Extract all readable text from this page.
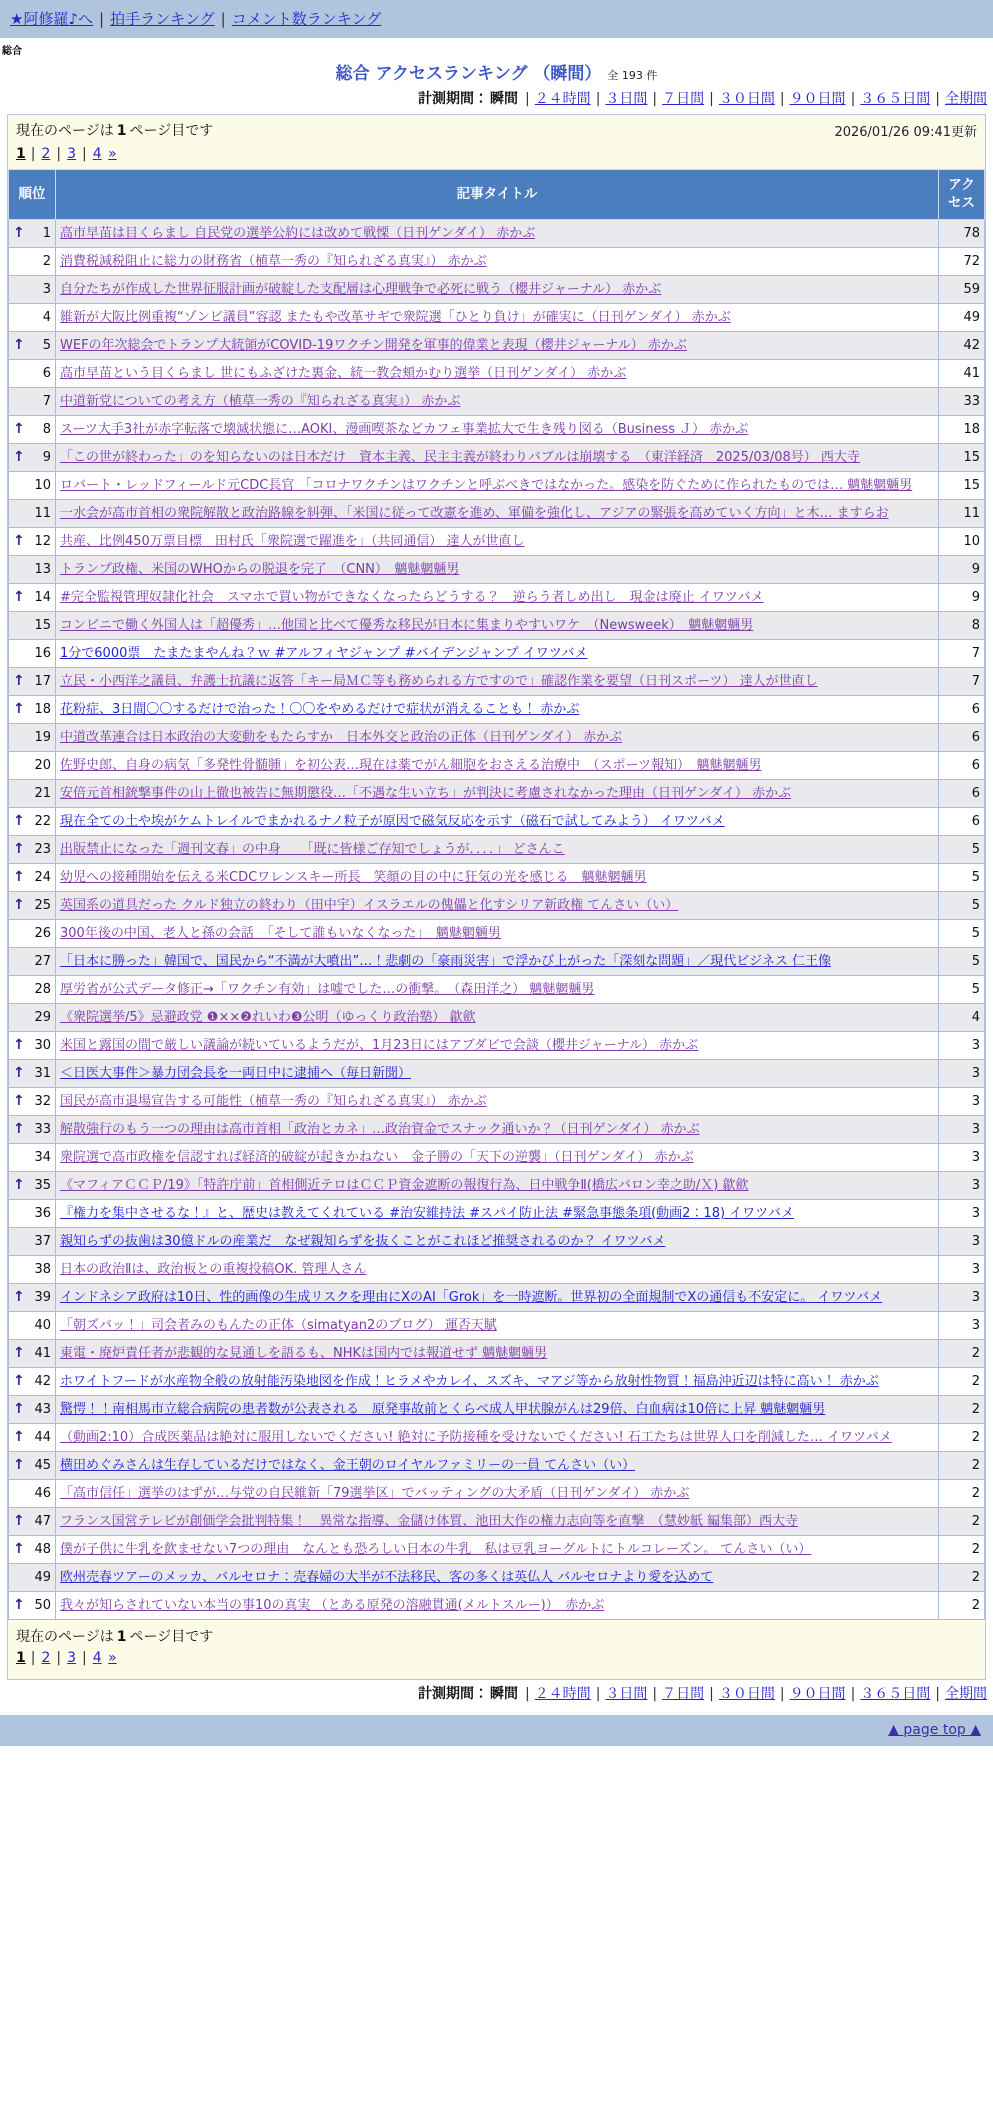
★阿修羅♪へ | 拍手ランキング | コメント数ランキング
総合
総合 アクセスランキング （瞬間） 全 193 件
計測期間： 瞬間 | ２４時間 | ３日間 | ７日間 | ３０日間 | ９０日間 | ３６５日間 | 全期間
現在のページは 1 ページ目です	2026/01/26 09:41更新
1 | 2 | 3 | 4 »
順位	記事タイトル	アクセス
↑ 1	高市早苗は目くらまし 自民党の選挙公約には改めて戦慄（日刊ゲンダイ） 赤かぶ	78
2	消費税減税阻止に総力の財務省（植草一秀の『知られざる真実』） 赤かぶ	72
3	自分たちが作成した世界征服計画が破綻した支配層は心理戦争で必死に戦う（櫻井ジャーナル） 赤かぶ	59
4	維新が大阪比例重複“ゾンビ議員”容認 またもや改革サギで衆院選「ひとり負け」が確実に（日刊ゲンダイ） 赤かぶ	49
↑ 5	WEFの年次総会でトランプ大統領がCOVID-19ワクチン開発を軍事的偉業と表現（櫻井ジャーナル） 赤かぶ	42
6	高市早苗という目くらまし 世にもふざけた裏金、統一教会頬かむり選挙（日刊ゲンダイ） 赤かぶ	41
7	中道新党についての考え方（植草一秀の『知られざる真実』） 赤かぶ	33
↑ 8	スーツ大手3社が赤字転落で壊滅状態に…AOKI、漫画喫茶などカフェ事業拡大で生き残り図る（Business Ｊ） 赤かぶ	18
↑ 9	「この世が終わった」のを知らないのは日本だけ　資本主義、民主主義が終わりバブルは崩壊する　（東洋経済　2025/03/08号） 西大寺	15
10	ロバート・レッドフィールド元CDC長官 「コロナワクチンはワクチンと呼ぶべきではなかった。感染を防ぐために作られたものでは… 魑魅魍魎男	15
11	一水会が高市首相の衆院解散と政治路線を糾弾、「米国に従って改憲を進め、軍備を強化し、アジアの緊張を高めていく方向」と木… ますらお	11
↑ 12	共産、比例450万票目標　田村氏「衆院選で躍進を」（共同通信） 達人が世直し	10
13	トランプ政権、米国のWHOからの脱退を完了　（CNN）　魑魅魍魎男	9
↑ 14	#完全監視管理奴隷化社会　スマホで買い物ができなくなったらどうする？　逆らう者しめ出し　現金は廃止 イワツバメ	9
15	コンビニで働く外国人は「超優秀」…他国と比べて優秀な移民が日本に集まりやすいワケ　（Newsweek）　魑魅魍魎男	8
16	1分で6000票　たまたまやんね？ｗ #アルフィヤジャンプ #バイデンジャンプ イワツバメ	7
↑ 17	立民・小西洋之議員、弁護士抗議に返答「キー局ＭＣ等も務められる方ですので」確認作業を要望（日刊スポーツ） 達人が世直し	7
↑ 18	花粉症、3日間〇〇するだけで治った！〇〇をやめるだけで症状が消えることも！ 赤かぶ	6
19	中道改革連合は日本政治の大変動をもたらすか　日本外交と政治の正体（日刊ゲンダイ） 赤かぶ	6
20	佐野史郎、自身の病気「多発性骨髄腫」を初公表…現在は薬でがん細胞をおさえる治療中　（スポーツ報知）　魑魅魍魎男	6
21	安倍元首相銃撃事件の山上徹也被告に無期懲役…「不遇な生い立ち」が判決に考慮されなかった理由（日刊ゲンダイ） 赤かぶ	6
↑ 22	現在全ての土や埃がケムトレイルでまかれるナノ粒子が原因で磁気反応を示す（磁石で試してみよう） イワツバメ	6
↑ 23	出版禁止になった「週刊文春」の中身　　「既に皆様ご存知でしょうが．．．．」 どさんこ	5
↑ 24	幼児への接種開始を伝える米CDCワレンスキー所長　笑顔の目の中に狂気の光を感じる　魑魅魍魎男	5
↑ 25	英国系の道具だった クルド独立の終わり（田中宇）イスラエルの傀儡と化すシリア新政権 てんさい（い）	5
26	300年後の中国、老人と孫の会話　「そして誰もいなくなった」　魑魅魍魎男	5
27	「日本に勝った」韓国で、国民から“不満が大噴出”…！悲劇の「豪雨災害」で浮かび上がった「深刻な問題」／現代ビジネス 仁王像	5
28	厚労省が公式データ修正→「ワクチン有効」は嘘でした…の衝撃。　（森田洋之） 魑魅魍魎男	5
29	《衆院選挙/5》忌避政党 ❶××❷れいわ❸公明（ゆっくり政治塾） 歙歛	4
↑ 30	米国と露国の間で厳しい議論が続いているようだが、1月23日にはアブダビで会談（櫻井ジャーナル） 赤かぶ	3
↑ 31	＜日医大事件＞暴力団会長を一両日中に逮捕へ（毎日新聞）	3
↑ 32	国民が高市退場宣告する可能性（植草一秀の『知られざる真実』） 赤かぶ	3
↑ 33	解散強行のもう一つの理由は高市首相「政治とカネ」…政治資金でスナック通いか？（日刊ゲンダイ） 赤かぶ	3
34	衆院選で高市政権を信認すれば経済的破綻が起きかねない　金子勝の「天下の逆襲」（日刊ゲンダイ） 赤かぶ	3
↑ 35	《マフィアＣＣＰ/19》「特許庁前」首相側近テロはＣＣＰ資金遮断の報復行為、日中戦争Ⅱ(橋広バロン幸之助/Ｘ) 歙歛	3
36	『権力を集中させるな！』と、歴史は教えてくれている #治安維持法 #スパイ防止法 #緊急事態条項(動画2：18) イワツバメ	3
37	親知らずの抜歯は30億ドルの産業だ　なぜ親知らずを抜くことがこれほど推奨されるのか？ イワツバメ	3
38	日本の政治Ⅱは、政治板との重複投稿OK. 管理人さん	3
↑ 39	インドネシア政府は10日、性的画像の生成リスクを理由にXのAI「Grok」を一時遮断。世界初の全面規制でXの通信も不安定に。 イワツバメ	3
40	「朝ズバッ！」司会者みのもんたの正体（simatyan2のブログ） 運否天賦	3
↑ 41	東電・廃炉責任者が悲観的な見通しを語るも、NHKは国内では報道せず 魑魅魍魎男	2
↑ 42	ホワイトフードが水産物全般の放射能汚染地図を作成！ヒラメやカレイ、スズキ、マアジ等から放射性物質！福島沖近辺は特に高い！ 赤かぶ	2
↑ 43	驚愕！！南相馬市立総合病院の患者数が公表される　原発事故前とくらべ成人甲状腺がんは29倍、白血病は10倍に上昇 魑魅魍魎男	2
↑ 44	（動画2:10）合成医薬品は絶対に服用しないでください! 絶対に予防接種を受けないでください! 石工たちは世界人口を削減した… イワツバメ	2
↑ 45	横田めぐみさんは生存しているだけではなく、金王朝のロイヤルファミリーの一員 てんさい（い）	2
46	「高市信任」選挙のはずが…与党の自民維新「79選挙区」でバッティングの大矛盾（日刊ゲンダイ） 赤かぶ	2
↑ 47	フランス国営テレビが創価学会批判特集！　異常な指導、金儲け体質、池田大作の権力志向等を直撃　（慧妙紙 編集部）西大寺	2
↑ 48	僕が子供に牛乳を飲ませない7つの理由　なんとも恐ろしい日本の牛乳　私は豆乳ヨーグルトにトルコレーズン。 てんさい（い）	2
49	欧州売春ツアーのメッカ、バルセロナ：売春婦の大半が不法移民、客の多くは英仏人 バルセロナより愛を込めて	2
↑ 50	我々が知らされていない本当の事10の真実 （とある原発の溶融貫通(メルトスルー)）　赤かぶ	2
現在のページは 1 ページ目です
1 | 2 | 3 | 4 »
計測期間： 瞬間 | ２４時間 | ３日間 | ７日間 | ３０日間 | ９０日間 | ３６５日間 | 全期間
▲ page top ▲
